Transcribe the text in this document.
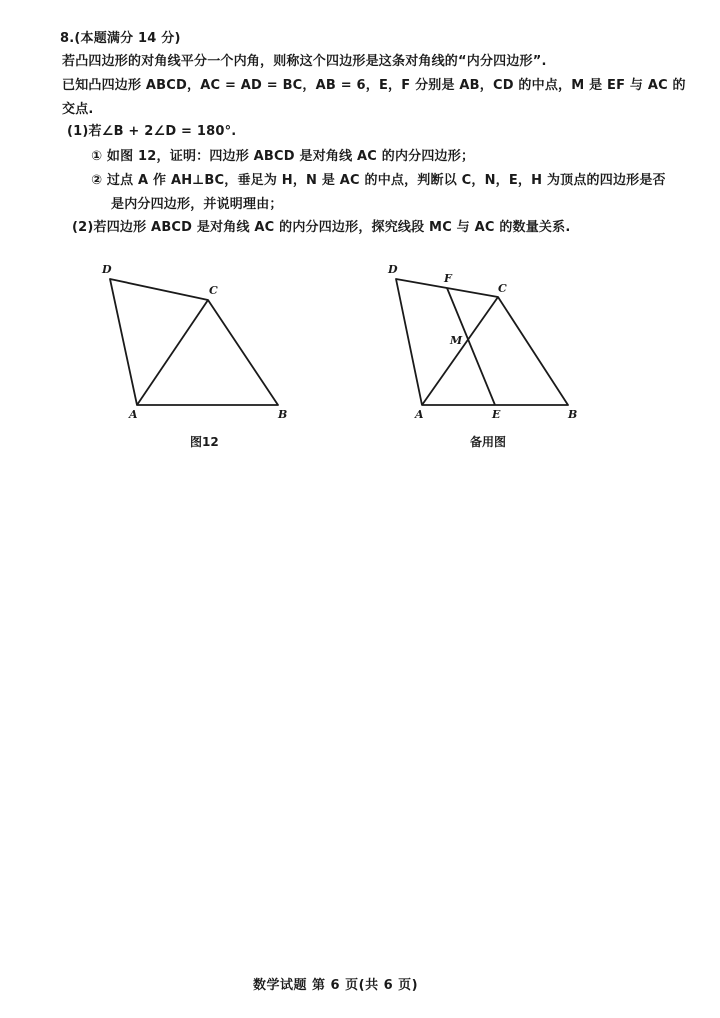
8.(本题满分 14 分)
若凸四边形的对角线平分一个内角，则称这个四边形是这条对角线的“内分四边形”.
已知凸四边形 ABCD，AC = AD = BC，AB = 6，E，F 分别是 AB，CD 的中点，M 是 EF 与 AC 的
交点.
(1)若∠B + 2∠D = 180°.
① 如图 12，证明：四边形 ABCD 是对角线 AC 的内分四边形；
② 过点 A 作 AH⊥BC，垂足为 H，N 是 AC 的中点，判断以 C，N，E，H 为顶点的四边形是否
是内分四边形，并说明理由；
(2)若四边形 ABCD 是对角线 AC 的内分四边形，探究线段 MC 与 AC 的数量关系.
D
C
A	B
图12
D
F
C
M
A	E	B
备用图
数学试题 第 6 页(共 6 页)
